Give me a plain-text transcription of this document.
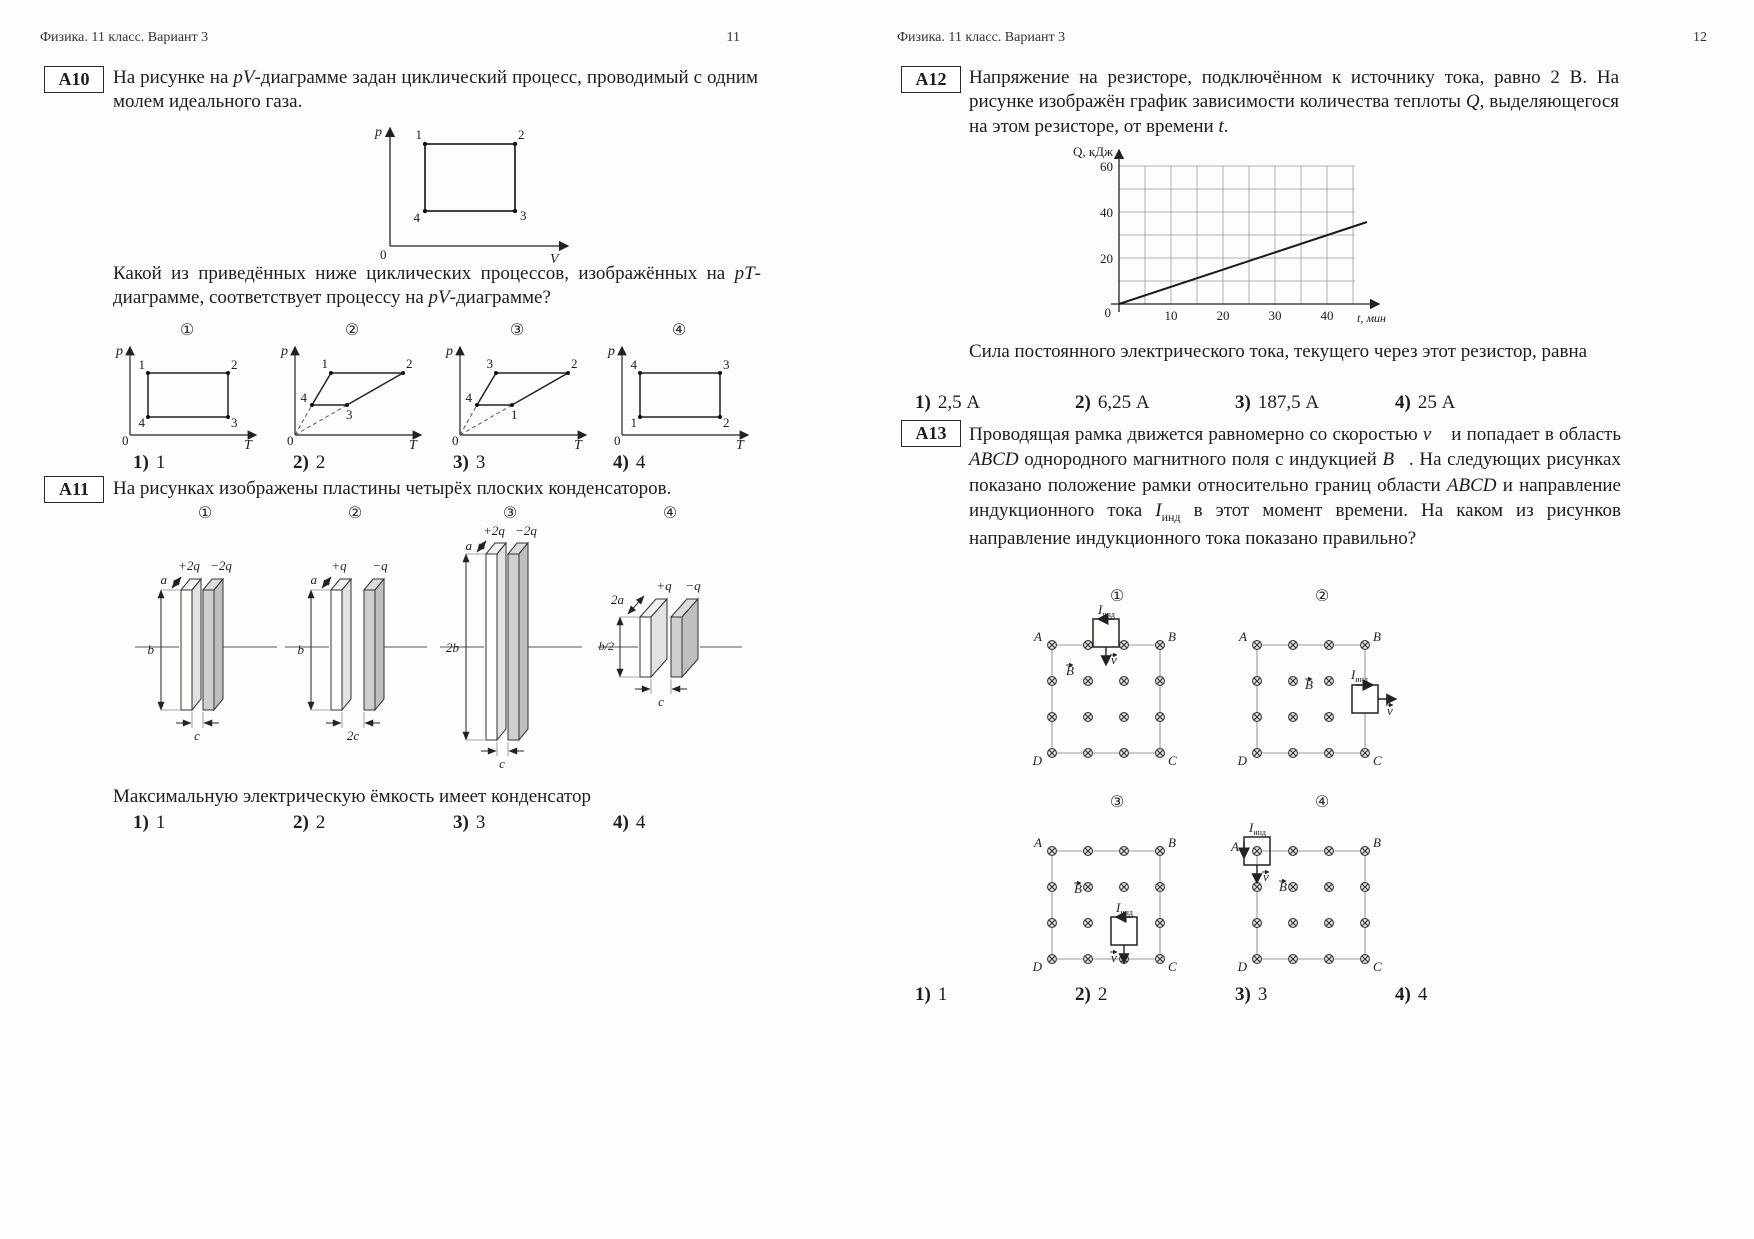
Физика. 11 класс. Вариант 3	11
А10	На рисунке на pV-диаграмме задан циклический процесс, проводимый с одним молем идеального газа.
p
V
0
1	2
3
4
Какой из приведённых ниже циклических процессов, изображённых на pT-диаграмме, соответствует процессу на pV-диаграмме?
①
p
T
0
1	2
3
4
②
p
T
0
1	2
4
3
③
p
T
0
3	2
4
1
④
p
T
0
4	3
2
1
1) 1	2) 2	3) 3	4) 4
А11	На рисунках изображены пластины четырёх плоских конденсаторов.
①
a
b
c
+2q −2q
②
a
b
2c
+q −q
③
a
2b
c
+2q −2q
④
2a
b/2
c
+q −q
Максимальную электрическую ёмкость имеет конденсатор
1) 1	2) 2	3) 3	4) 4
Физика. 11 класс. Вариант 3	12
А12	Напряжение на резисторе, подключённом к источнику тока, равно 2 В. На рисунке изображён график зависимости количества теплоты Q, выделяющегося на этом резисторе, от времени t.
Q, кДж
60
40
20
0	10	20	30	40 t, мин
Сила постоянного электрического тока, текущего через этот резистор, равна
1) 2,5 А	2) 6,25 А	3) 187,5 А	4) 25 А
А13	Проводящая рамка движется равномерно со скоростью v⃗ и попадает в область ABCD однородного магнитного поля с индукцией B⃗. На следующих рисунках показано положение рамки относительно границ области ABCD и направление индукционного тока $I_{инд}$ в этот момент времени. На каком из рисунков направление индукционного тока показано правильно?
①
A	B
C
D
$I_{инд}$
v
B
②
A	B
C
D
$I_{инд}$
v
B
③
A	B
C
D
$I_{инд}$
v
B
④
A	B
C
D
$I_{инд}$
v
B
1) 1	2) 2	3) 3	4) 4
